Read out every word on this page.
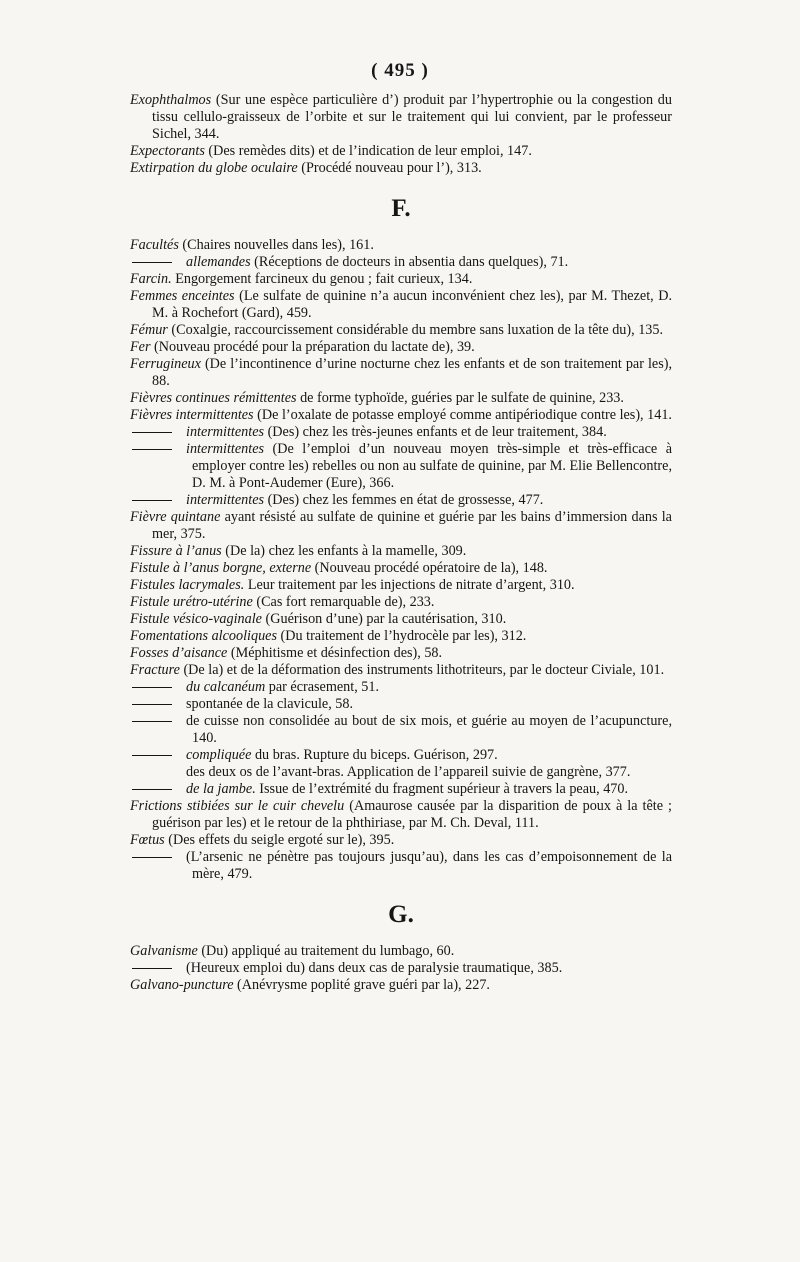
( 495 )

Exophthalmos (Sur une espèce particulière d’) produit par l’hypertrophie ou la congestion du tissu cellulo-graisseux de l’orbite et sur le traitement qui lui convient, par le professeur Sichel, 344.

Expectorants (Des remèdes dits) et de l’indication de leur emploi, 147.

Extirpation du globe oculaire (Procédé nouveau pour l’), 313.

F.

Facultés (Chaires nouvelles dans les), 161.

allemandes (Réceptions de docteurs in absentia dans quelques), 71.

Farcin. Engorgement farcineux du genou ; fait curieux, 134.

Femmes enceintes (Le sulfate de quinine n’a aucun inconvénient chez les), par M. Thezet, D. M. à Rochefort (Gard), 459.

Fémur (Coxalgie, raccourcissement considérable du membre sans luxation de la tête du), 135.

Fer (Nouveau procédé pour la préparation du lactate de), 39.

Ferrugineux (De l’incontinence d’urine nocturne chez les enfants et de son traitement par les), 88.

Fièvres continues rémittentes de forme typhoïde, guéries par le sulfate de quinine, 233.

Fièvres intermittentes (De l’oxalate de potasse employé comme antipériodique contre les), 141.

intermittentes (Des) chez les très-jeunes enfants et de leur traitement, 384.

intermittentes (De l’emploi d’un nouveau moyen très-simple et très-efficace à employer contre les) rebelles ou non au sulfate de quinine, par M. Elie Bellencontre, D. M. à Pont-Audemer (Eure), 366.

intermittentes (Des) chez les femmes en état de grossesse, 477.

Fièvre quintane ayant résisté au sulfate de quinine et guérie par les bains d’immersion dans la mer, 375.

Fissure à l’anus (De la) chez les enfants à la mamelle, 309.

Fistule à l’anus borgne, externe (Nouveau procédé opératoire de la), 148.

Fistules lacrymales. Leur traitement par les injections de nitrate d’argent, 310.

Fistule urétro-utérine (Cas fort remarquable de), 233.

Fistule vésico-vaginale (Guérison d’une) par la cautérisation, 310.

Fomentations alcooliques (Du traitement de l’hydrocèle par les), 312.

Fosses d’aisance (Méphitisme et désinfection des), 58.

Fracture (De la) et de la déformation des instruments lithotriteurs, par le docteur Civiale, 101.

du calcanéum par écrasement, 51.

spontanée de la clavicule, 58.

de cuisse non consolidée au bout de six mois, et guérie au moyen de l’acupuncture, 140.

compliquée du bras. Rupture du biceps. Guérison, 297.

des deux os de l’avant-bras. Application de l’appareil suivie de gangrène, 377.

de la jambe. Issue de l’extrémité du fragment supérieur à travers la peau, 470.

Frictions stibiées sur le cuir chevelu (Amaurose causée par la disparition de poux à la tête ; guérison par les) et le retour de la phthiriase, par M. Ch. Deval, 111.

Fœtus (Des effets du seigle ergoté sur le), 395.

(L’arsenic ne pénètre pas toujours jusqu’au), dans les cas d’empoisonnement de la mère, 479.

G.

Galvanisme (Du) appliqué au traitement du lumbago, 60.

(Heureux emploi du) dans deux cas de paralysie traumatique, 385.

Galvano-puncture (Anévrysme poplité grave guéri par la), 227.
